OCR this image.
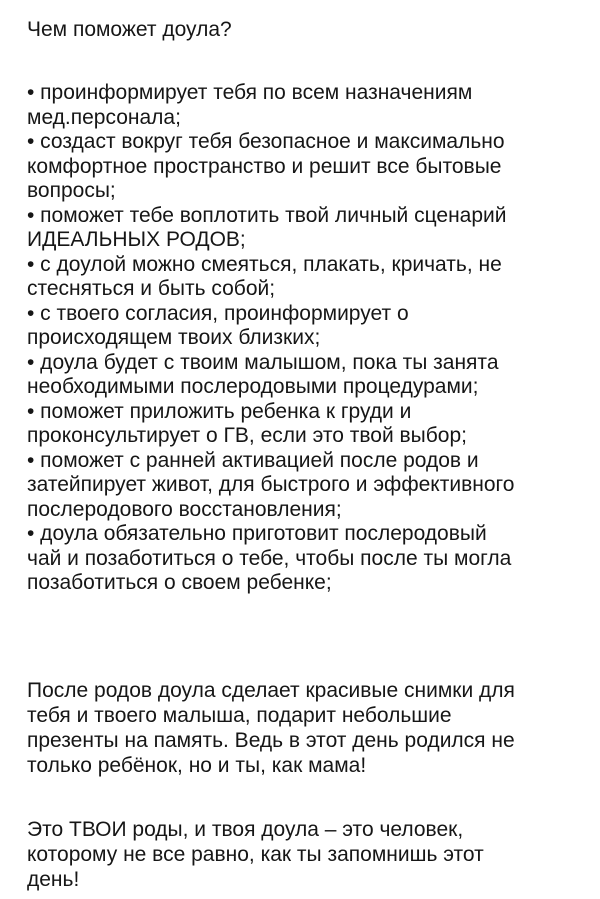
Чем поможет доула?

• проинформирует тебя по всем назначениям
мед.персонала;
• создаст вокруг тебя безопасное и максимально
комфортное пространство и решит все бытовые
вопросы;
• поможет тебе воплотить твой личный сценарий
ИДЕАЛЬНЫХ РОДОВ;
• с доулой можно смеяться, плакать, кричать, не
стесняться и быть собой;
• с твоего согласия, проинформирует о
происходящем твоих близких;
• доула будет с твоим малышом, пока ты занята
необходимыми послеродовыми процедурами;
• поможет приложить ребенка к груди и
проконсультирует о ГВ, если это твой выбор;
• поможет с ранней активацией после родов и
затейпирует живот, для быстрого и эффективного
послеродового восстановления;
• доула обязательно приготовит послеродовый
чай и позаботиться о тебе, чтобы после ты могла
позаботиться о своем ребенке;

После родов доула сделает красивые снимки для
тебя и твоего малыша, подарит небольшие
презенты на память. Ведь в этот день родился не
только ребёнок, но и ты, как мама!

Это ТВОИ роды, и твоя доула – это человек,
которому не все равно, как ты запомнишь этот
день!
